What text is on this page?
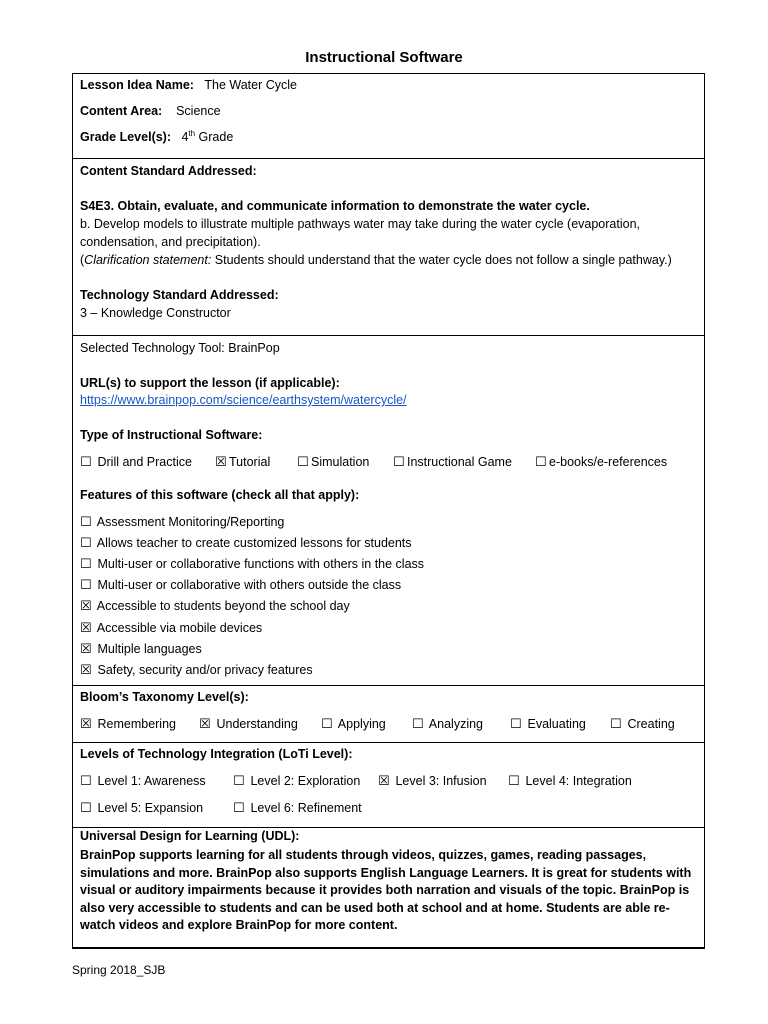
Instructional Software
Lesson Idea Name: The Water Cycle
Content Area: Science
Grade Level(s): 4th Grade
Content Standard Addressed:
S4E3. Obtain, evaluate, and communicate information to demonstrate the water cycle.
b. Develop models to illustrate multiple pathways water may take during the water cycle (evaporation,
condensation, and precipitation).
(Clarification statement: Students should understand that the water cycle does not follow a single pathway.)
Technology Standard Addressed:
3 – Knowledge Constructor
Selected Technology Tool: BrainPop
URL(s) to support the lesson (if applicable):
https://www.brainpop.com/science/earthsystem/watercycle/
Type of Instructional Software:
☐ Drill and Practice ☒ Tutorial ☐ Simulation ☐ Instructional Game ☐ e-books/e-references
Features of this software (check all that apply):
☐ Assessment Monitoring/Reporting
☐ Allows teacher to create customized lessons for students
☐ Multi-user or collaborative functions with others in the class
☐ Multi-user or collaborative with others outside the class
☒ Accessible to students beyond the school day
☒ Accessible via mobile devices
☒ Multiple languages
☒ Safety, security and/or privacy features
Bloom’s Taxonomy Level(s):
☒ Remembering ☒ Understanding ☐ Applying ☐ Analyzing ☐ Evaluating ☐ Creating
Levels of Technology Integration (LoTi Level):
☐ Level 1: Awareness ☐ Level 2: Exploration ☒ Level 3: Infusion ☐ Level 4: Integration
☐ Level 5: Expansion ☐ Level 6: Refinement
Universal Design for Learning (UDL):
BrainPop supports learning for all students through videos, quizzes, games, reading passages, simulations and more. BrainPop also supports English Language Learners. It is great for students with visual or auditory impairments because it provides both narration and visuals of the topic. BrainPop is also very accessible to students and can be used both at school and at home. Students are able re-watch videos and explore BrainPop for more content.
Spring 2018_SJB
